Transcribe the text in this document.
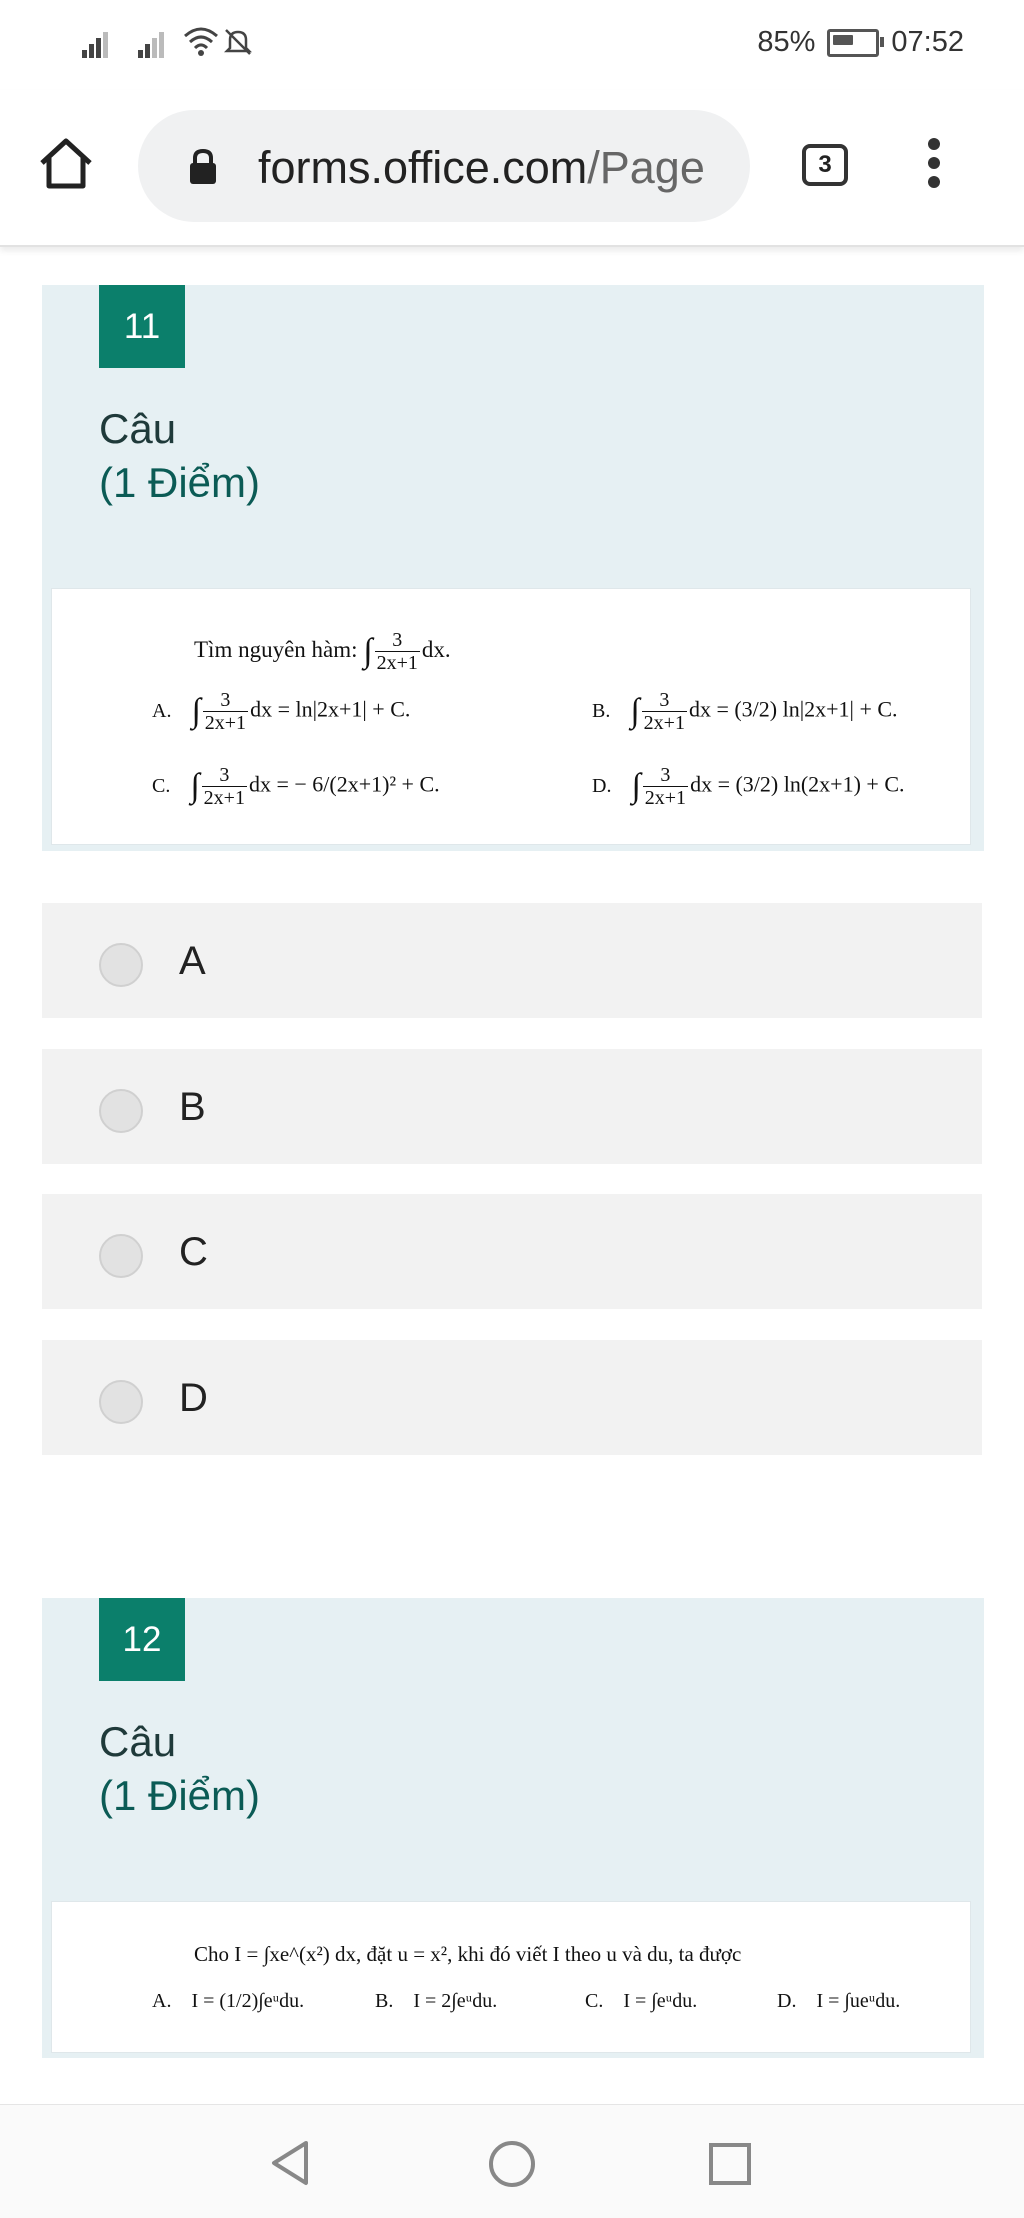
85%	07:52
forms.office.com/Page	3
11
Câu
(1 Điểm)
Tìm nguyên hàm: ∫ $\frac{3}{2x+1}$ dx.
A. ∫ $\frac{3}{2x+1}$ dx = ln|2x+1| + C.	B. ∫ $\frac{3}{2x+1}$ dx = (3/2) ln|2x+1| + C.
C. ∫ $\frac{3}{2x+1}$ dx = − 6/(2x+1)² + C.	D. ∫ $\frac{3}{2x+1}$ dx = (3/2) ln(2x+1) + C.
A
B
C
D
12
Câu
(1 Điểm)
Cho I = ∫xe^(x²) dx, đặt u = x², khi đó viết I theo u và du, ta được
A. I = (1/2)∫eᵘdu.	B. I = 2∫eᵘdu.	C. I = ∫eᵘdu.	D. I = ∫ueᵘdu.
